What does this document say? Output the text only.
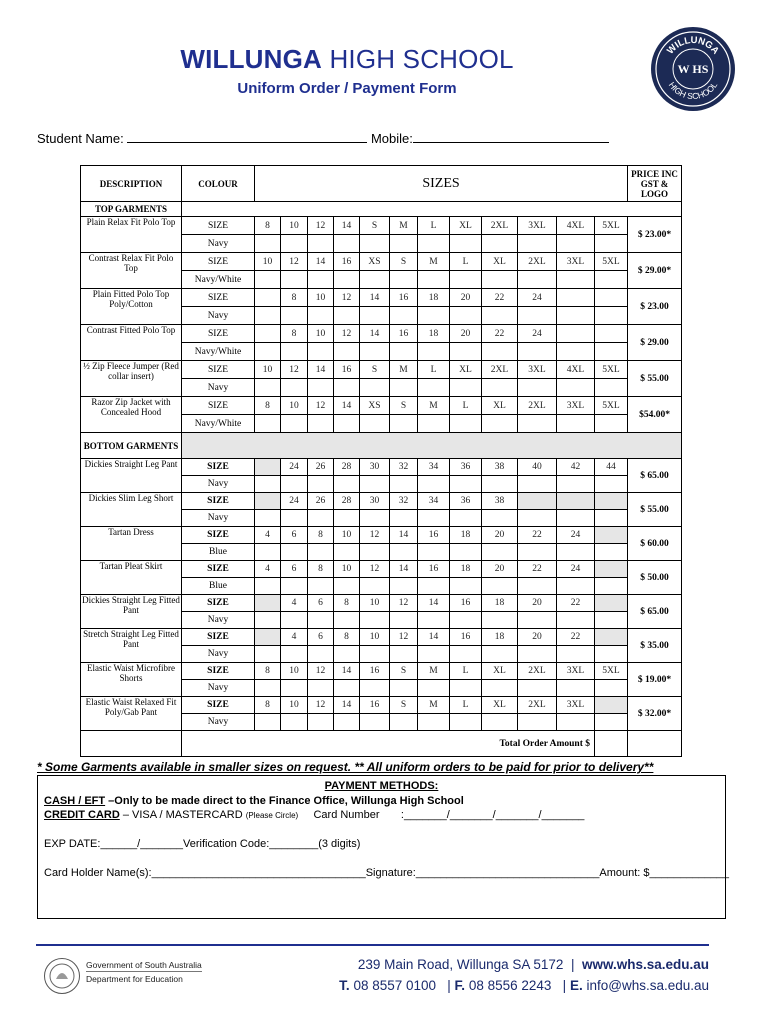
WILLUNGA HIGH SCHOOL
Uniform Order / Payment Form
WILLUNGA
HIGH SCHOOL
W HS
Student Name:	Mobile:
DESCRIPTION	COLOUR	SIZES												PRICE INC GST & LOGO
TOP GARMENTS														
Plain Relax Fit Polo Top	SIZE	8	10	12	14	S	M	L	XL	2XL	3XL	4XL	5XL	$ 23.00*
	Navy													
Contrast Relax Fit Polo Top	SIZE	10	12	14	16	XS	S	M	L	XL	2XL	3XL	5XL	$ 29.00*
	Navy/White													
Plain Fitted Polo Top Poly/Cotton	SIZE		8	10	12	14	16	18	20	22	24			$ 23.00
	Navy													
Contrast Fitted Polo Top	SIZE		8	10	12	14	16	18	20	22	24			$ 29.00
	Navy/White													
½ Zip Fleece Jumper (Red collar insert)	SIZE	10	12	14	16	S	M	L	XL	2XL	3XL	4XL	5XL	$ 55.00
	Navy													
Razor Zip Jacket with Concealed Hood	SIZE	8	10	12	14	XS	S	M	L	XL	2XL	3XL	5XL	$54.00*
	Navy/White													
BOTTOM GARMENTS														
Dickies Straight Leg Pant	SIZE		24	26	28	30	32	34	36	38	40	42	44	$ 65.00
	Navy													
Dickies Slim Leg Short	SIZE		24	26	28	30	32	34	36	38				$ 55.00
	Navy													
Tartan Dress	SIZE	4	6	8	10	12	14	16	18	20	22	24		$ 60.00
	Blue													
Tartan Pleat Skirt	SIZE	4	6	8	10	12	14	16	18	20	22	24		$ 50.00
	Blue													
Dickies Straight Leg Fitted Pant	SIZE		4	6	8	10	12	14	16	18	20	22		$ 65.00
	Navy													
Stretch Straight Leg Fitted Pant	SIZE		4	6	8	10	12	14	16	18	20	22		$ 35.00
	Navy													
Elastic Waist Microfibre Shorts	SIZE	8	10	12	14	16	S	M	L	XL	2XL	3XL	5XL	$ 19.00*
	Navy													
Elastic Waist Relaxed Fit Poly/Gab Pant	SIZE	8	10	12	14	16	S	M	L	XL	2XL	3XL		$ 32.00*
	Navy													
	Total Order Amount $													
* Some Garments available in smaller sizes on request. ** All uniform orders to be paid for prior to delivery**
PAYMENT METHODS:
CASH / EFT –Only to be made direct to the Finance Office, Willunga High School
CREDIT CARD – VISA / MASTERCARD (Please Circle) Card Number :_______/_______/_______/_______
EXP DATE:______/_______Verification Code:________(3 digits)
Card Holder Name(s):___________________________________Signature:______________________________Amount: $_____________
Government of South Australia
Department for Education
239 Main Road, Willunga SA 5172  |  www.whs.sa.edu.au
T. 08 8557 0100   | F. 08 8556 2243   | E. info@whs.sa.edu.au
